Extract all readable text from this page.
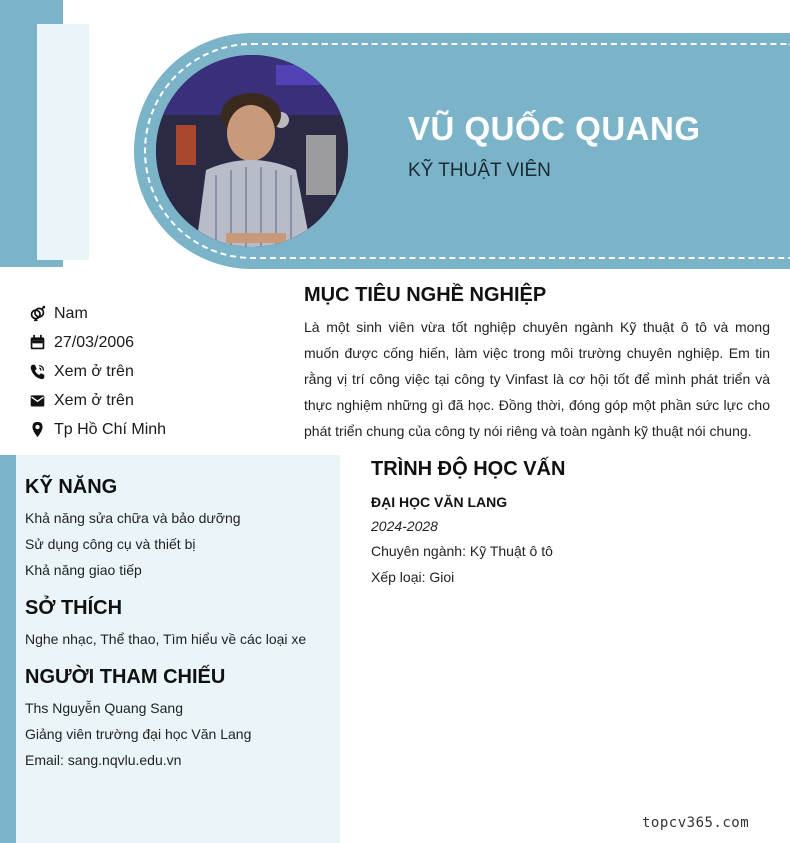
VŨ QUỐC QUANG
KỸ THUẬT VIÊN
Nam
27/03/2006
Xem ở trên
Xem ở trên
Tp Hồ Chí Minh
MỤC TIÊU NGHỀ NGHIỆP

Là một sinh viên vừa tốt nghiệp chuyên ngành Kỹ thuật ô tô và mong muốn được cống hiến, làm việc trong môi trường chuyên nghiệp. Em tin rằng vị trí công việc tại công ty Vinfast là cơ hội tốt để mình phát triển và thực nghiệm những gì đã học. Đồng thời, đóng góp một phần sức lực cho phát triển chung của công ty nói riêng và toàn ngành kỹ thuật nói chung.

KỸ NĂNG
Khả năng sửa chữa và bảo dưỡng
Sử dụng công cụ và thiết bị
Khả năng giao tiếp
SỞ THÍCH
Nghe nhạc, Thể thao, Tìm hiểu về các loại xe
NGƯỜI THAM CHIẾU
Ths Nguyễn Quang Sang
Giảng viên trường đại học Văn Lang
Email: sang.nqvlu.edu.vn
TRÌNH ĐỘ HỌC VẤN
ĐẠI HỌC VĂN LANG
2024-2028
Chuyên ngành: Kỹ Thuật ô tô
Xếp loại: Gioi
topcv365.com
